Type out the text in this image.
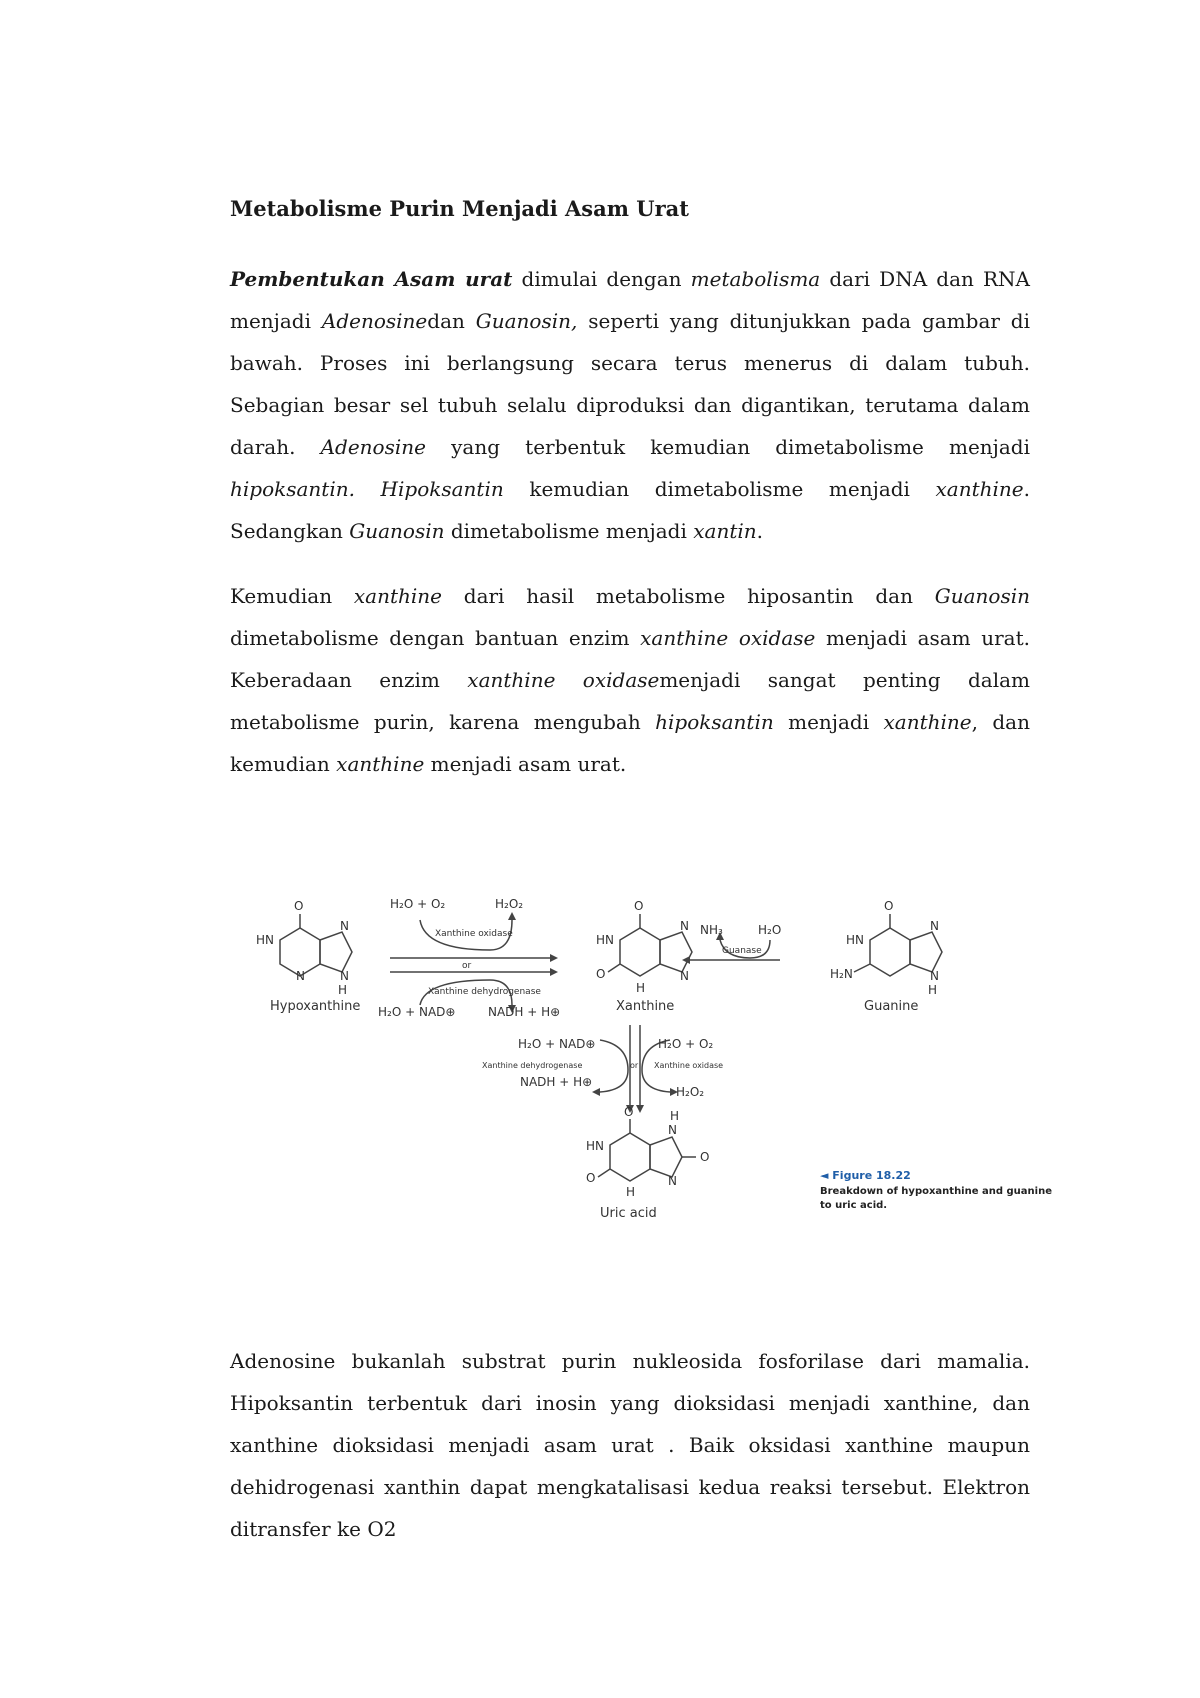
Metabolisme Purin Menjadi Asam Urat
Pembentukan Asam urat dimulai dengan metabolisma dari DNA dan RNA menjadi Adenosinedan Guanosin, seperti yang ditunjukkan pada gambar di bawah. Proses ini berlangsung secara terus menerus di dalam tubuh. Sebagian besar sel tubuh selalu diproduksi dan digantikan, terutama dalam darah. Adenosine yang terbentuk kemudian dimetabolisme menjadi hipoksantin. Hipoksantin kemudian dimetabolisme menjadi xanthine. Sedangkan Guanosin dimetabolisme menjadi xantin.
Kemudian xanthine dari hasil metabolisme hiposantin dan Guanosin dimetabolisme dengan bantuan enzim xanthine oxidase menjadi asam urat. Keberadaan enzim xanthine oxidasemenjadi sangat penting dalam metabolisme purin, karena mengubah hipoksantin menjadi xanthine, dan kemudian xanthine menjadi asam urat.
O
HN
N
N
H
N
O
HN
N
N
O
H
O
HN
N
N
H₂N
H
O
HN
N
H
N
O
O
H
Hypoxanthine	Xanthine	Guanine
Uric acid
H₂O + O₂	H₂O₂
Xanthine oxidase
or
Xanthine dehydrogenase
H₂O + NAD⊕	NADH + H⊕
NH₃	H₂O
Guanase
H₂O + NAD⊕
Xanthine dehydrogenase
NADH + H⊕
or
H₂O + O₂
Xanthine oxidase
H₂O₂
◄ Figure 18.22
Breakdown of hypoxanthine and guanine
to uric acid.
Adenosine bukanlah substrat purin nukleosida fosforilase dari mamalia. Hipoksantin terbentuk dari inosin yang dioksidasi menjadi xanthine, dan xanthine dioksidasi menjadi asam urat . Baik oksidasi xanthine maupun dehidrogenasi xanthin dapat mengkatalisasi kedua reaksi tersebut. Elektron ditransfer ke O2
